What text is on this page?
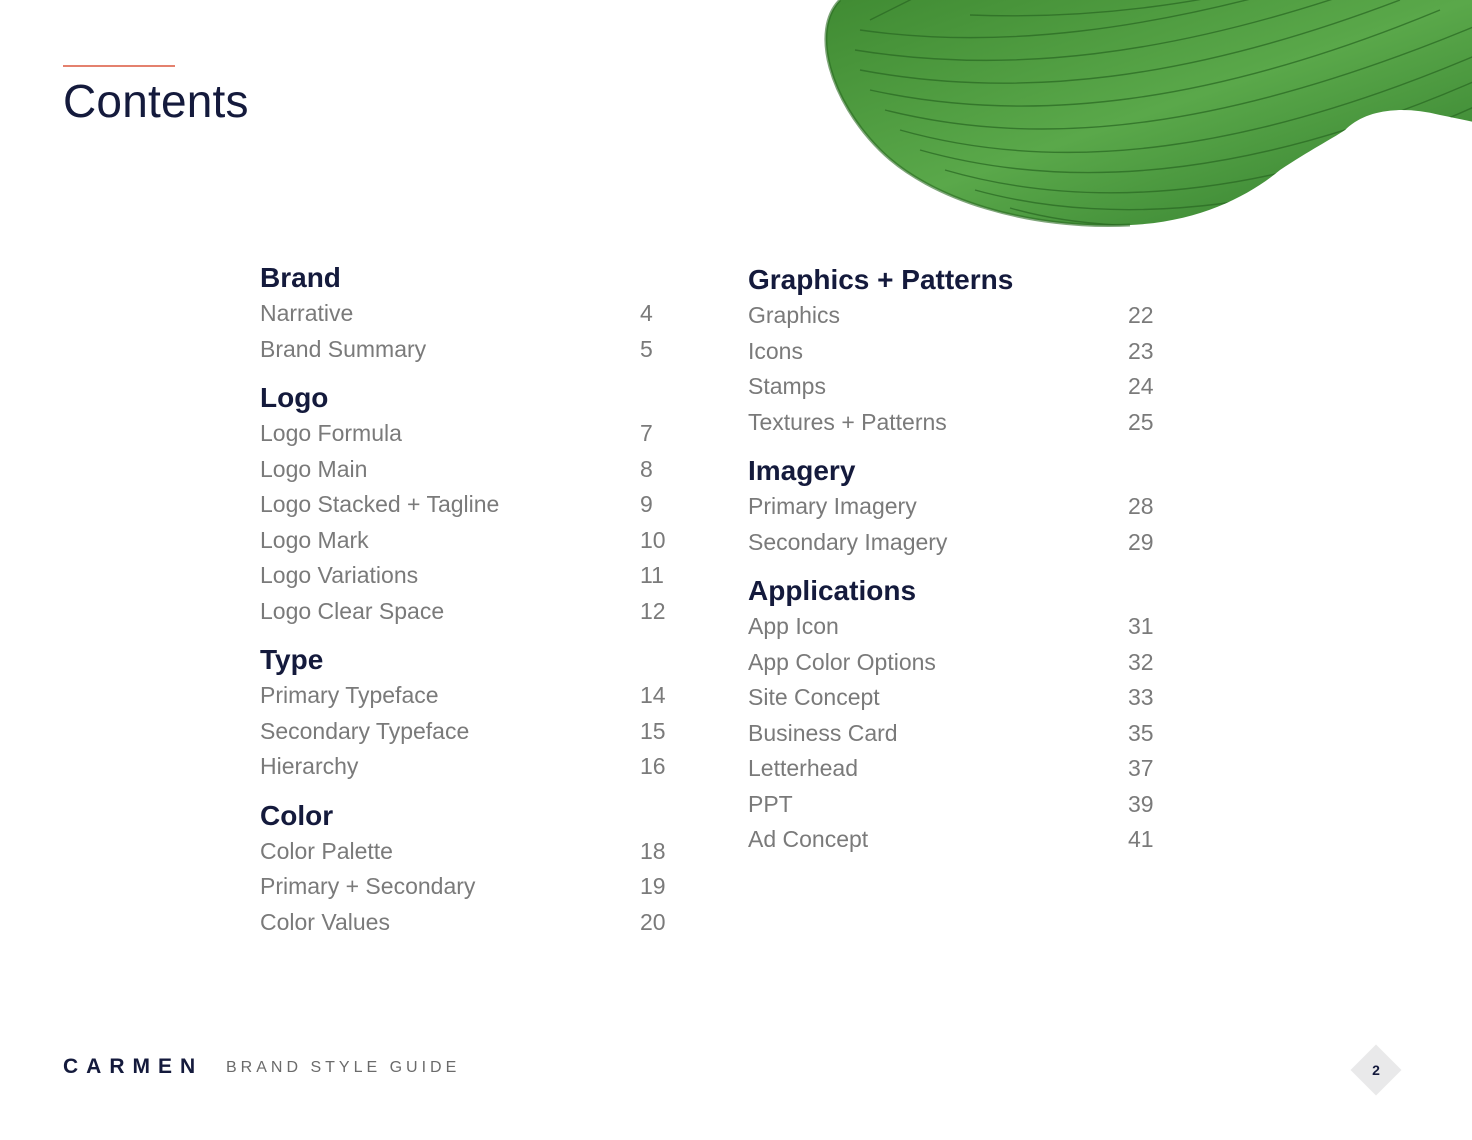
Contents
Brand
Narrative	4
Brand Summary	5
Logo
Logo Formula	7
Logo Main	8
Logo Stacked + Tagline	9
Logo Mark	10
Logo Variations	11
Logo Clear Space	12
Type
Primary Typeface	14
Secondary Typeface	15
Hierarchy	16
Color
Color Palette	18
Primary + Secondary	19
Color Values	20
Graphics + Patterns
Graphics	22
Icons	23
Stamps	24
Textures + Patterns	25
Imagery
Primary Imagery	28
Secondary Imagery	29
Applications
App Icon	31
App Color Options	32
Site Concept	33
Business Card	35
Letterhead	37
PPT	39
Ad Concept	41
CARMEN BRAND STYLE GUIDE	2
